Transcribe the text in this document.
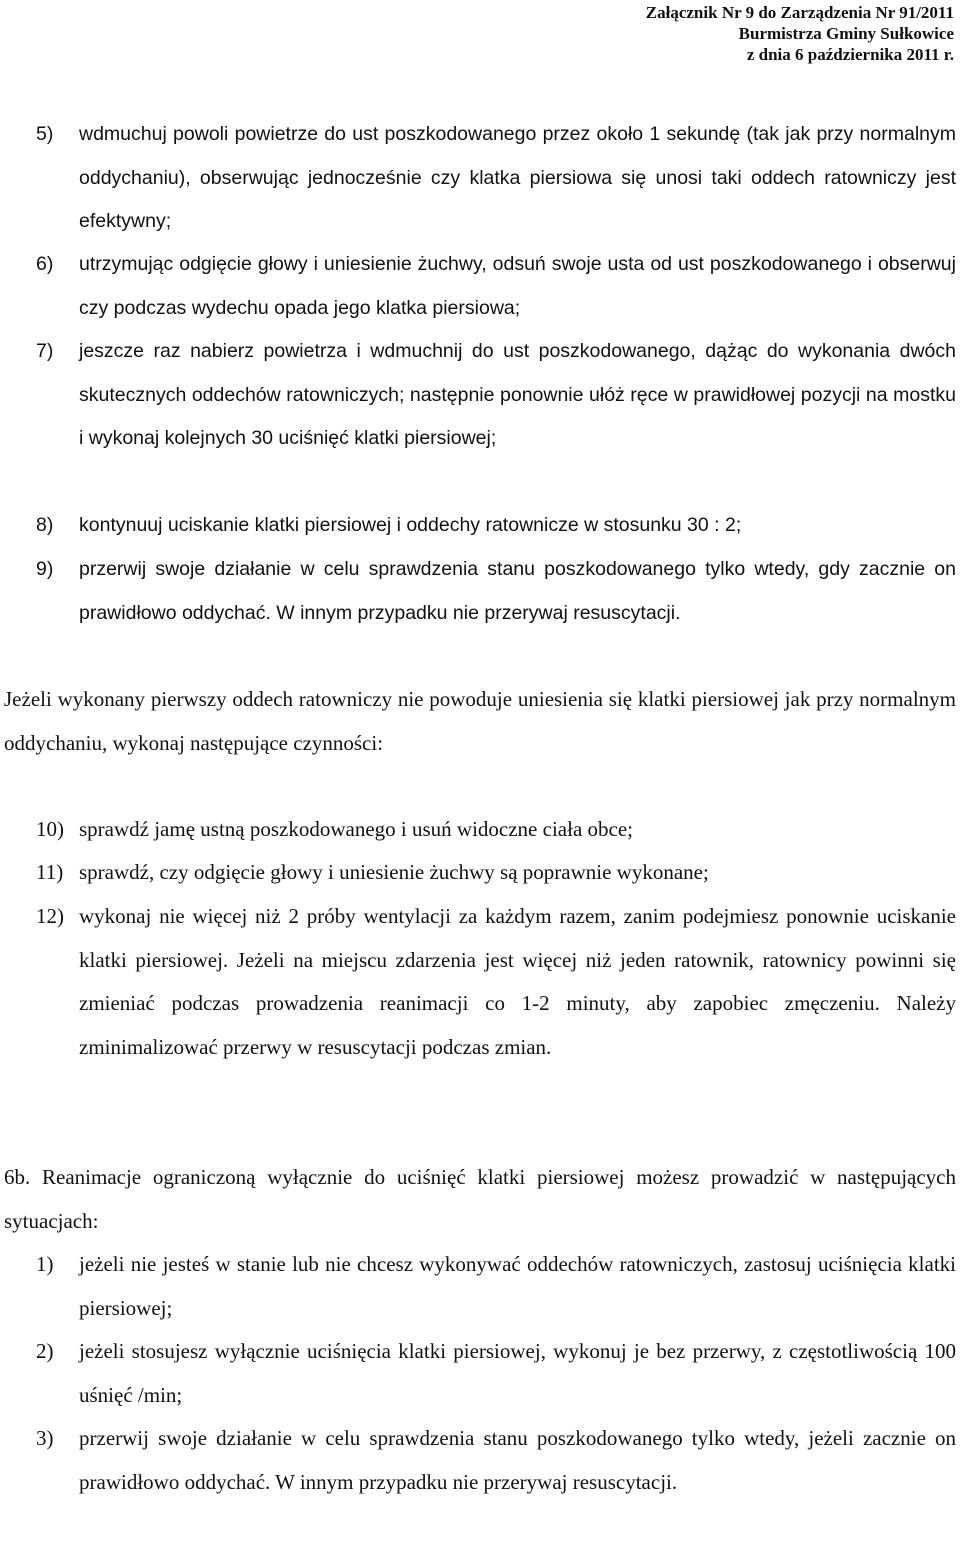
Załącznik Nr 9 do Zarządzenia Nr 91/2011
Burmistrza Gminy Sułkowice
z dnia 6 października 2011 r.
5) wdmuchuj powoli powietrze do ust poszkodowanego przez około 1 sekundę (tak jak przy normalnym oddychaniu), obserwując jednocześnie czy klatka piersiowa się unosi taki oddech ratowniczy jest efektywny;
6) utrzymując odgięcie głowy i uniesienie żuchwy, odsuń swoje usta od ust poszkodowanego i obserwuj czy podczas wydechu opada jego klatka piersiowa;
7) jeszcze raz nabierz powietrza i wdmuchnij do ust poszkodowanego, dążąc do wykonania dwóch skutecznych oddechów ratowniczych; następnie ponownie ułóż ręce w prawidłowej pozycji na mostku i wykonaj kolejnych 30 uciśnięć klatki piersiowej;
8) kontynuuj uciskanie klatki piersiowej i oddechy ratownicze w stosunku 30 : 2;
9) przerwij swoje działanie w celu sprawdzenia stanu poszkodowanego tylko wtedy, gdy zacznie on prawidłowo oddychać. W innym przypadku nie przerywaj resuscytacji.
Jeżeli wykonany pierwszy oddech ratowniczy nie powoduje uniesienia się klatki piersiowej jak przy normalnym oddychaniu, wykonaj następujące czynności:
10) sprawdź jamę ustną poszkodowanego i usuń widoczne ciała obce;
11) sprawdź, czy odgięcie głowy i uniesienie żuchwy są poprawnie wykonane;
12) wykonaj nie więcej niż 2 próby wentylacji za każdym razem, zanim podejmiesz ponownie uciskanie klatki piersiowej. Jeżeli na miejscu zdarzenia jest więcej niż jeden ratownik, ratownicy powinni się zmieniać podczas prowadzenia reanimacji co 1-2 minuty, aby zapobiec zmęczeniu. Należy zminimalizować przerwy w resuscytacji podczas zmian.
6b. Reanimacje ograniczoną wyłącznie do uciśnięć klatki piersiowej możesz prowadzić w następujących sytuacjach:
1) jeżeli nie jesteś w stanie lub nie chcesz wykonywać oddechów ratowniczych, zastosuj uciśnięcia klatki piersiowej;
2) jeżeli stosujesz wyłącznie uciśnięcia klatki piersiowej, wykonuj je bez przerwy, z częstotliwością 100 uśnięć /min;
3) przerwij swoje działanie w celu sprawdzenia stanu poszkodowanego tylko wtedy, jeżeli zacznie on prawidłowo oddychać. W innym przypadku nie przerywaj resuscytacji.
